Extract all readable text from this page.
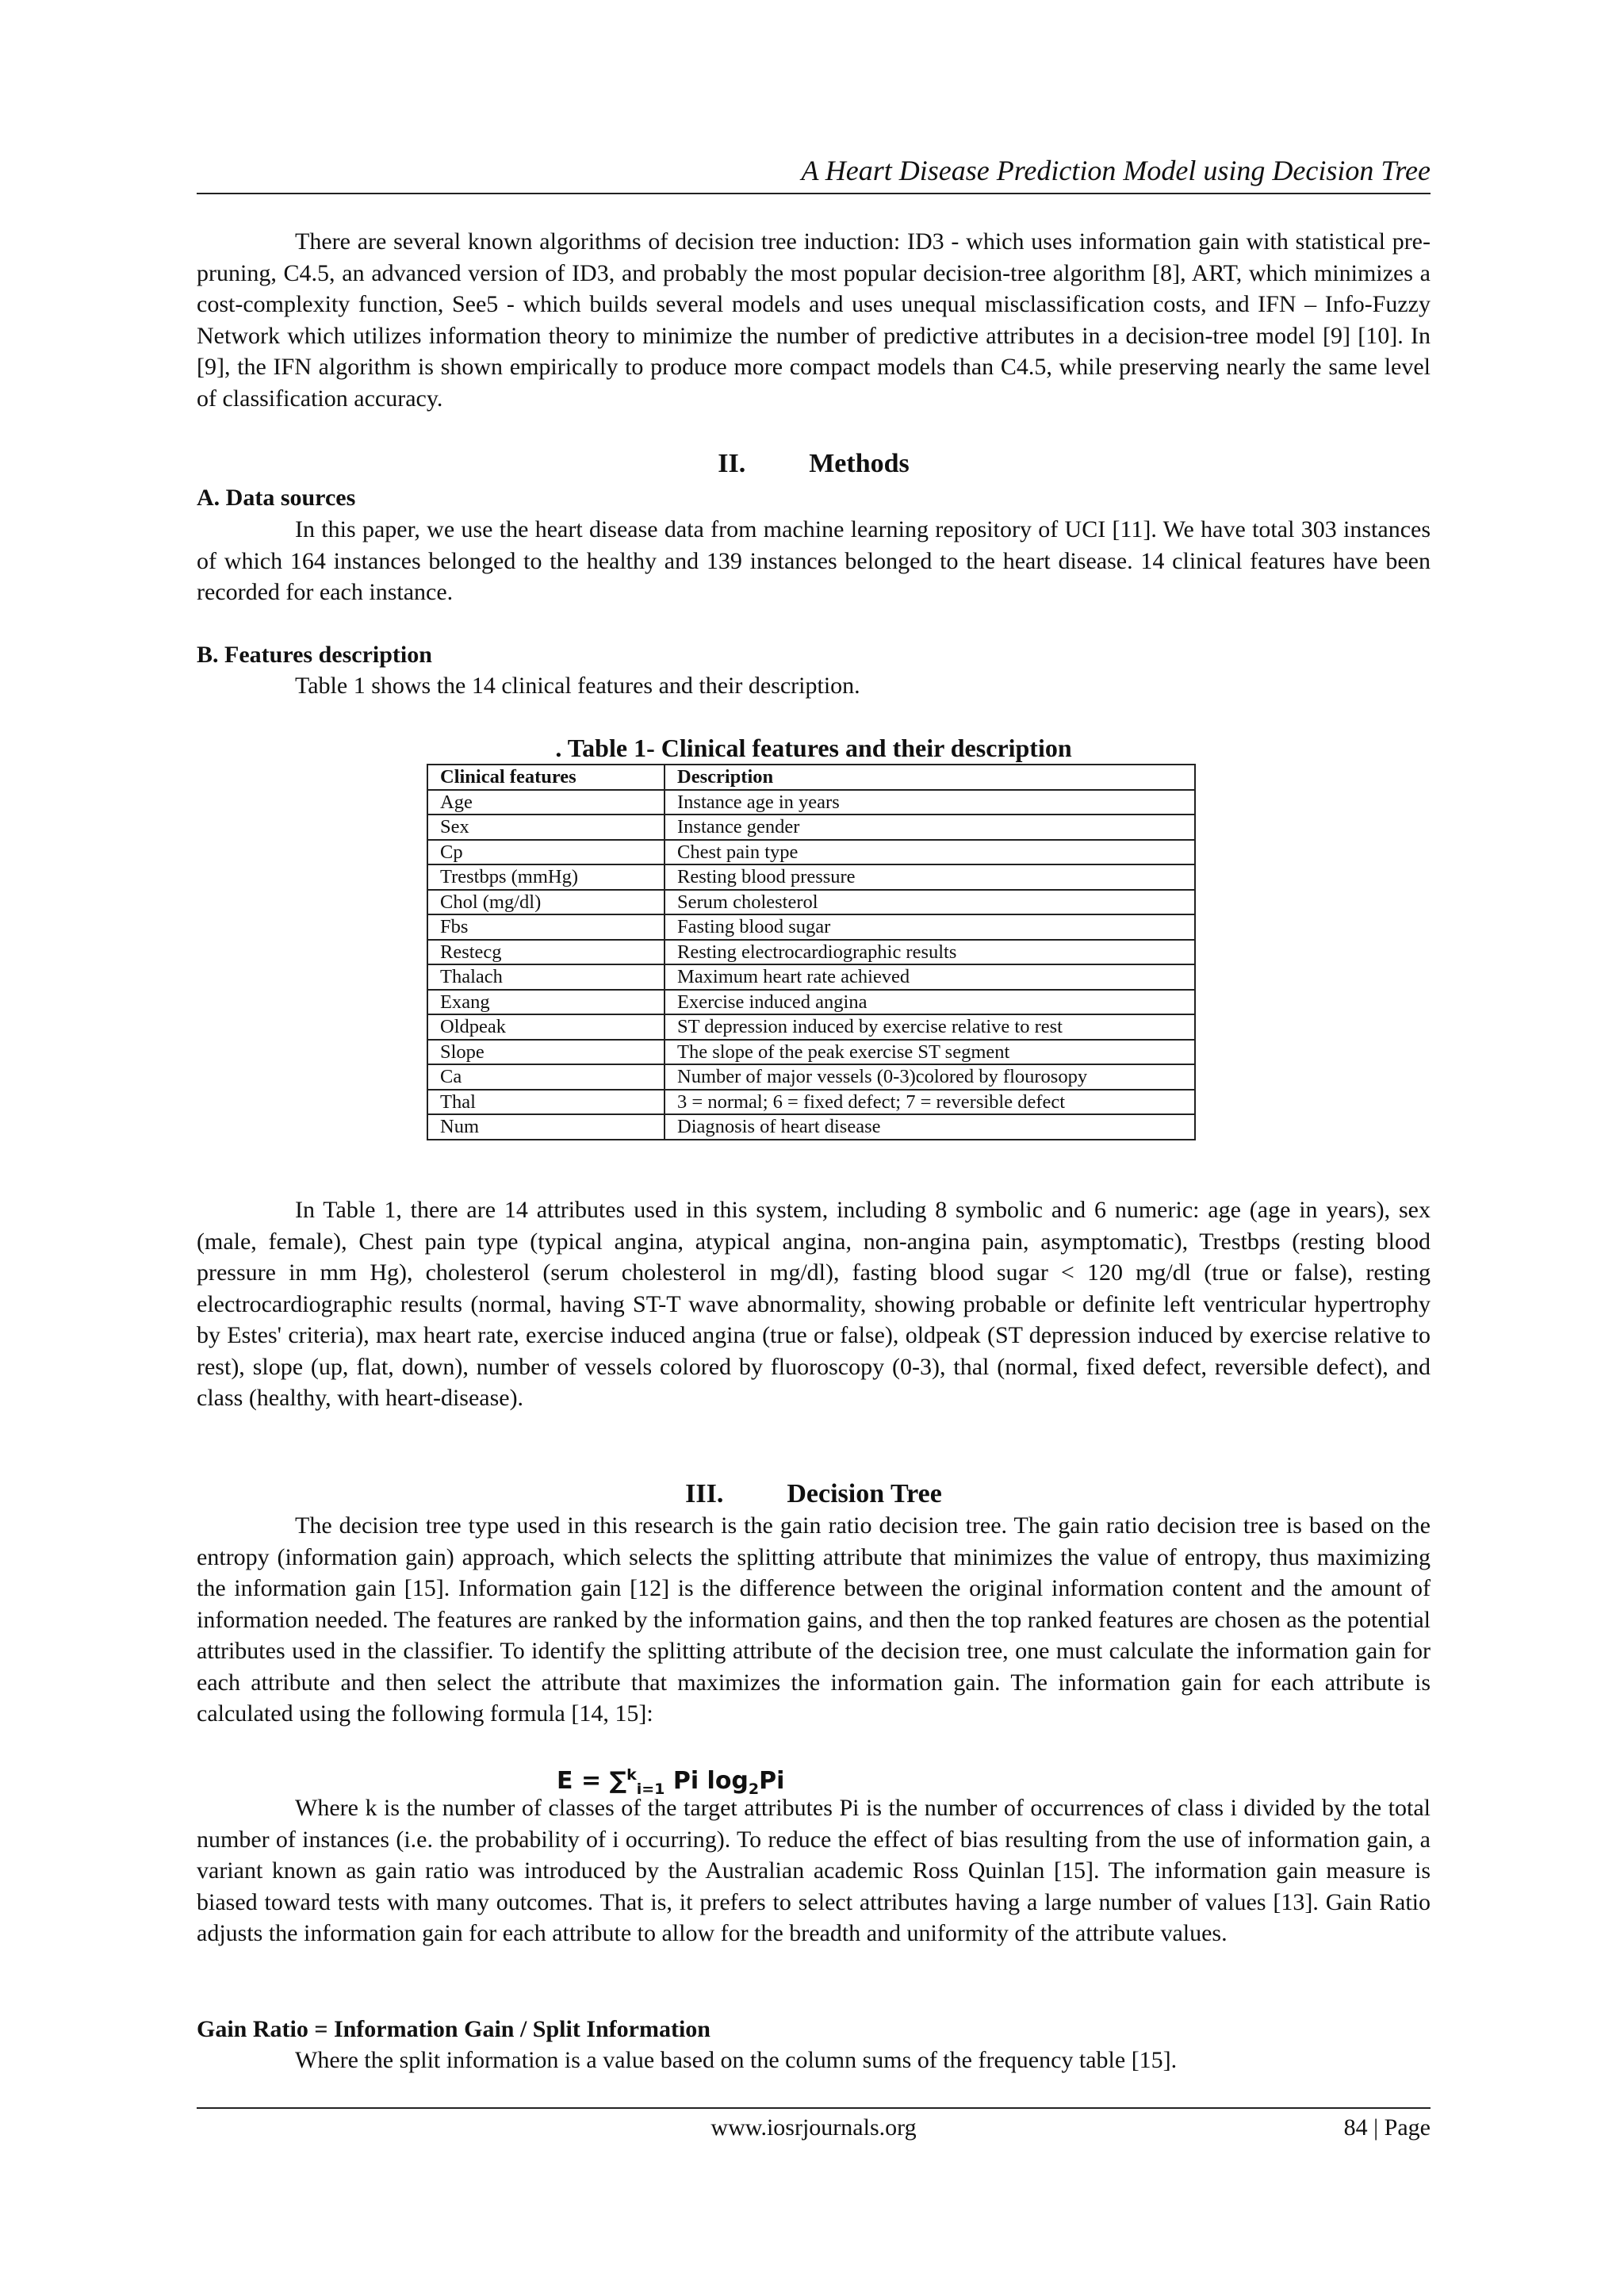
A Heart Disease Prediction Model using Decision Tree

There are several known algorithms of decision tree induction: ID3 - which uses information gain with statistical pre-pruning, C4.5, an advanced version of ID3, and probably the most popular decision-tree algorithm [8], ART, which minimizes a cost-complexity function, See5 - which builds several models and uses unequal misclassification costs, and IFN – Info-Fuzzy Network which utilizes information theory to minimize the number of predictive attributes in a decision-tree model [9] [10]. In [9], the IFN algorithm is shown empirically to produce more compact models than C4.5, while preserving nearly the same level of classification accuracy.

II. Methods
A. Data sources

In this paper, we use the heart disease data from machine learning repository of UCI [11]. We have total 303 instances of which 164 instances belonged to the healthy and 139 instances belonged to the heart disease. 14 clinical features have been recorded for each instance.

B. Features description

Table 1 shows the 14 clinical features and their description.

. Table 1- Clinical features and their description
Clinical features	Description
Age	Instance age in years
Sex	Instance gender
Cp	Chest pain type
Trestbps (mmHg)	Resting blood pressure
Chol (mg/dl)	Serum cholesterol
Fbs	Fasting blood sugar
Restecg	Resting electrocardiographic results
Thalach	Maximum heart rate achieved
Exang	Exercise induced angina
Oldpeak	ST depression induced by exercise relative to rest
Slope	The slope of the peak exercise ST segment
Ca	Number of major vessels (0-3)colored by flourosopy
Thal	3 = normal; 6 = fixed defect; 7 = reversible defect
Num	Diagnosis of heart disease

In Table 1, there are 14 attributes used in this system, including 8 symbolic and 6 numeric: age (age in years), sex (male, female), Chest pain type (typical angina, atypical angina, non-angina pain, asymptomatic), Trestbps (resting blood pressure in mm Hg), cholesterol (serum cholesterol in mg/dl), fasting blood sugar < 120 mg/dl (true or false), resting electrocardiographic results (normal, having ST-T wave abnormality, showing probable or definite left ventricular hypertrophy by Estes' criteria), max heart rate, exercise induced angina (true or false), oldpeak (ST depression induced by exercise relative to rest), slope (up, flat, down), number of vessels colored by fluoroscopy (0-3), thal (normal, fixed defect, reversible defect), and class (healthy, with heart-disease).

III. Decision Tree

The decision tree type used in this research is the gain ratio decision tree. The gain ratio decision tree is based on the entropy (information gain) approach, which selects the splitting attribute that minimizes the value of entropy, thus maximizing the information gain [15]. Information gain [12] is the difference between the original information content and the amount of information needed. The features are ranked by the information gains, and then the top ranked features are chosen as the potential attributes used in the classifier. To identify the splitting attribute of the decision tree, one must calculate the information gain for each attribute and then select the attribute that maximizes the information gain. The information gain for each attribute is calculated using the following formula [14, 15]:

E = ∑$^k_{i=1}$ Pi $\log_2Pi$

Where k is the number of classes of the target attributes Pi is the number of occurrences of class i divided by the total number of instances (i.e. the probability of i occurring). To reduce the effect of bias resulting from the use of information gain, a variant known as gain ratio was introduced by the Australian academic Ross Quinlan [15]. The information gain measure is biased toward tests with many outcomes. That is, it prefers to select attributes having a large number of values [13]. Gain Ratio adjusts the information gain for each attribute to allow for the breadth and uniformity of the attribute values.

Gain Ratio = Information Gain / Split Information

Where the split information is a value based on the column sums of the frequency table [15].

www.iosrjournals.org	84 | Page
